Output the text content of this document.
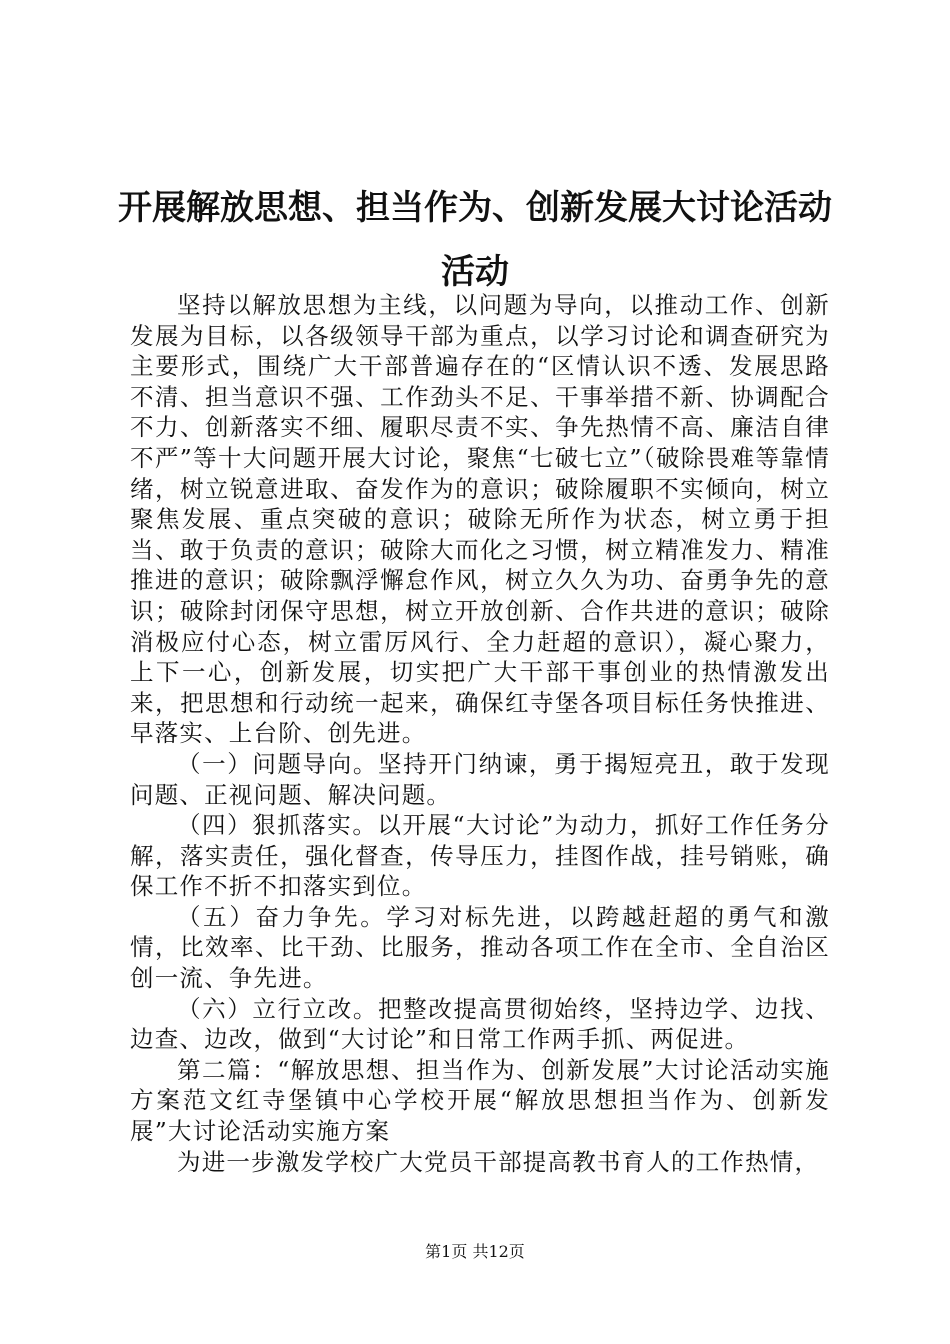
开展解放思想、担当作为、创新发展大讨论活动活动

坚持以解放思想为主线，以问题为导向，以推动工作、创新发展为目标，以各级领导干部为重点，以学习讨论和调查研究为主要形式，围绕广大干部普遍存在的“区情认识不透、发展思路不清、担当意识不强、工作劲头不足、干事举措不新、协调配合不力、创新落实不细、履职尽责不实、争先热情不高、廉洁自律不严”等十大问题开展大讨论，聚焦“七破七立”（破除畏难等靠情绪，树立锐意进取、奋发作为的意识；破除履职不实倾向，树立聚焦发展、重点突破的意识；破除无所作为状态，树立勇于担当、敢于负责的意识；破除大而化之习惯，树立精准发力、精准推进的意识；破除飘浮懈怠作风，树立久久为功、奋勇争先的意识；破除封闭保守思想，树立开放创新、合作共进的意识；破除消极应付心态，树立雷厉风行、全力赶超的意识），凝心聚力，上下一心，创新发展，切实把广大干部干事创业的热情激发出来，把思想和行动统一起来，确保红寺堡各项目标任务快推进、早落实、上台阶、创先进。

（一）问题导向。坚持开门纳谏，勇于揭短亮丑，敢于发现问题、正视问题、解决问题。

（四）狠抓落实。以开展“大讨论”为动力，抓好工作任务分解，落实责任，强化督查，传导压力，挂图作战，挂号销账，确保工作不折不扣落实到位。

（五）奋力争先。学习对标先进，以跨越赶超的勇气和激情，比效率、比干劲、比服务，推动各项工作在全市、全自治区创一流、争先进。

（六）立行立改。把整改提高贯彻始终，坚持边学、边找、边查、边改，做到“大讨论”和日常工作两手抓、两促进。

第二篇：“解放思想、担当作为、创新发展”大讨论活动实施方案范文红寺堡镇中心学校开展“解放思想担当作为、创新发展”大讨论活动实施方案

为进一步激发学校广大党员干部提高教书育人的工作热情，

第1页 共12页
